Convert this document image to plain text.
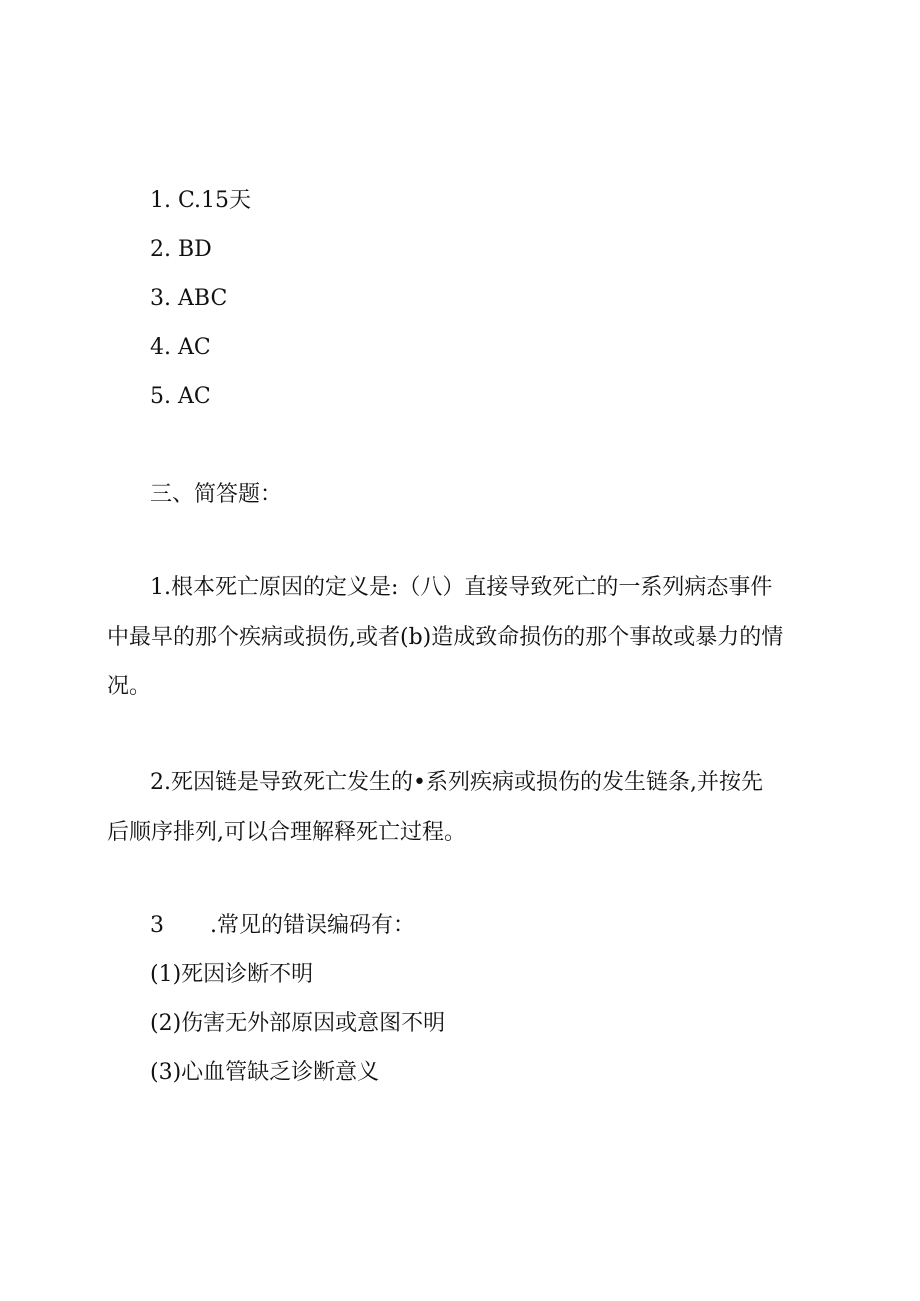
1. C.15天
2. BD
3. ABC
4. AC
5. AC
三、简答题：
1.根本死亡原因的定义是:（八）直接导致死亡的一系列病态事件
中最早的那个疾病或损伤,或者(b)造成致命损伤的那个事故或暴力的情
况。
2.死因链是导致死亡发生的•系列疾病或损伤的发生链条,并按先
后顺序排列,可以合理解释死亡过程。
3 .常见的错误编码有：
(1)死因诊断不明
(2)伤害无外部原因或意图不明
(3)心血管缺乏诊断意义
